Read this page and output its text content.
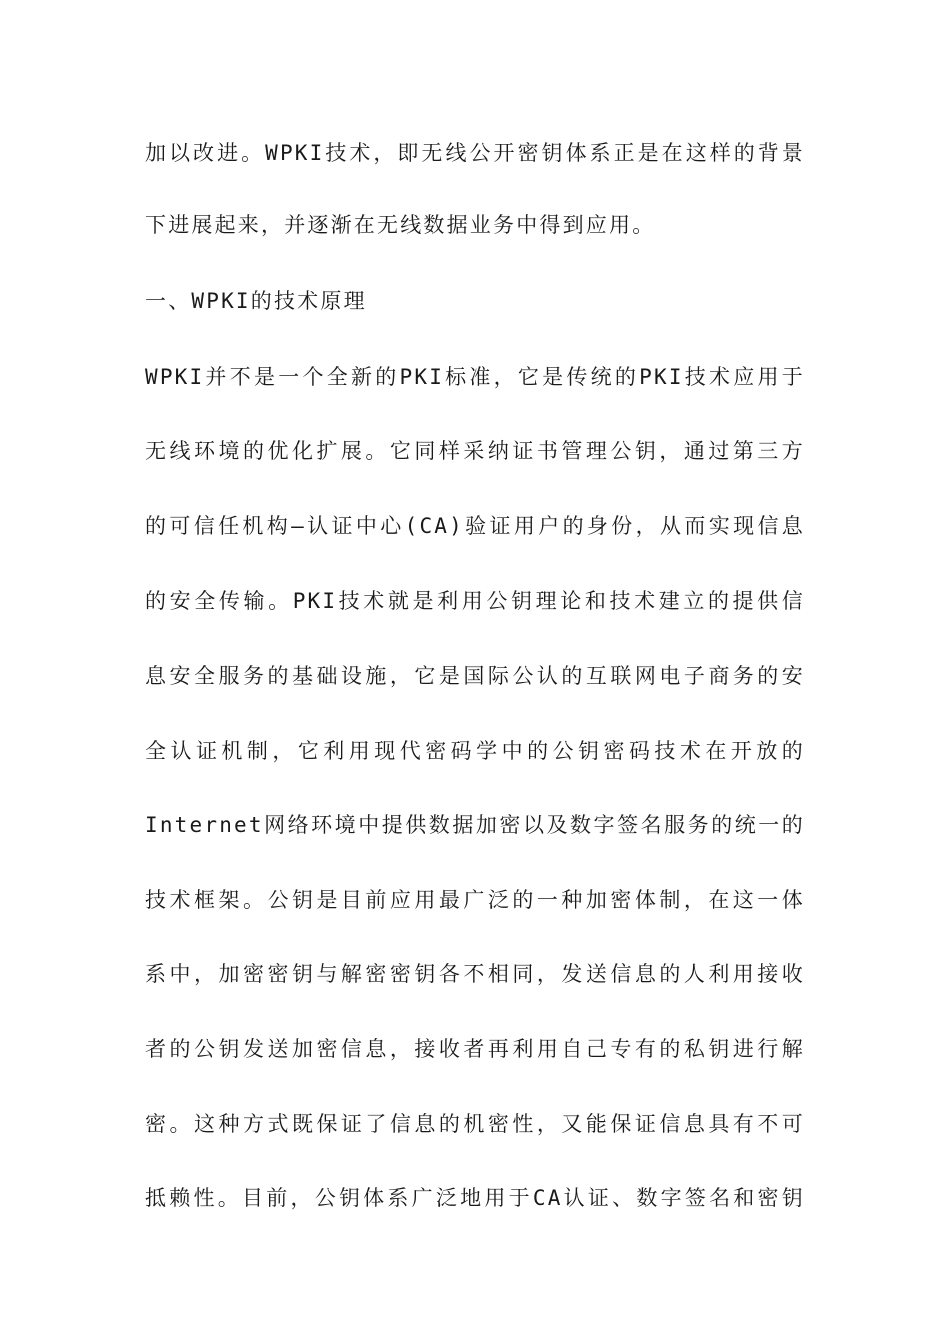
加以改进。WPKI技术，即无线公开密钥体系正是在这样的背景
下进展起来，并逐渐在无线数据业务中得到应用。
一、WPKI的技术原理
WPKI并不是一个全新的PKI标准，它是传统的PKI技术应用于
无线环境的优化扩展。它同样采纳证书管理公钥，通过第三方
的可信任机构—认证中心(CA)验证用户的身份，从而实现信息
的安全传输。PKI技术就是利用公钥理论和技术建立的提供信
息安全服务的基础设施，它是国际公认的互联网电子商务的安
全认证机制，它利用现代密码学中的公钥密码技术在开放的
Internet网络环境中提供数据加密以及数字签名服务的统一的
技术框架。公钥是目前应用最广泛的一种加密体制，在这一体
系中，加密密钥与解密密钥各不相同，发送信息的人利用接收
者的公钥发送加密信息，接收者再利用自己专有的私钥进行解
密。这种方式既保证了信息的机密性，又能保证信息具有不可
抵赖性。目前，公钥体系广泛地用于CA认证、数字签名和密钥
